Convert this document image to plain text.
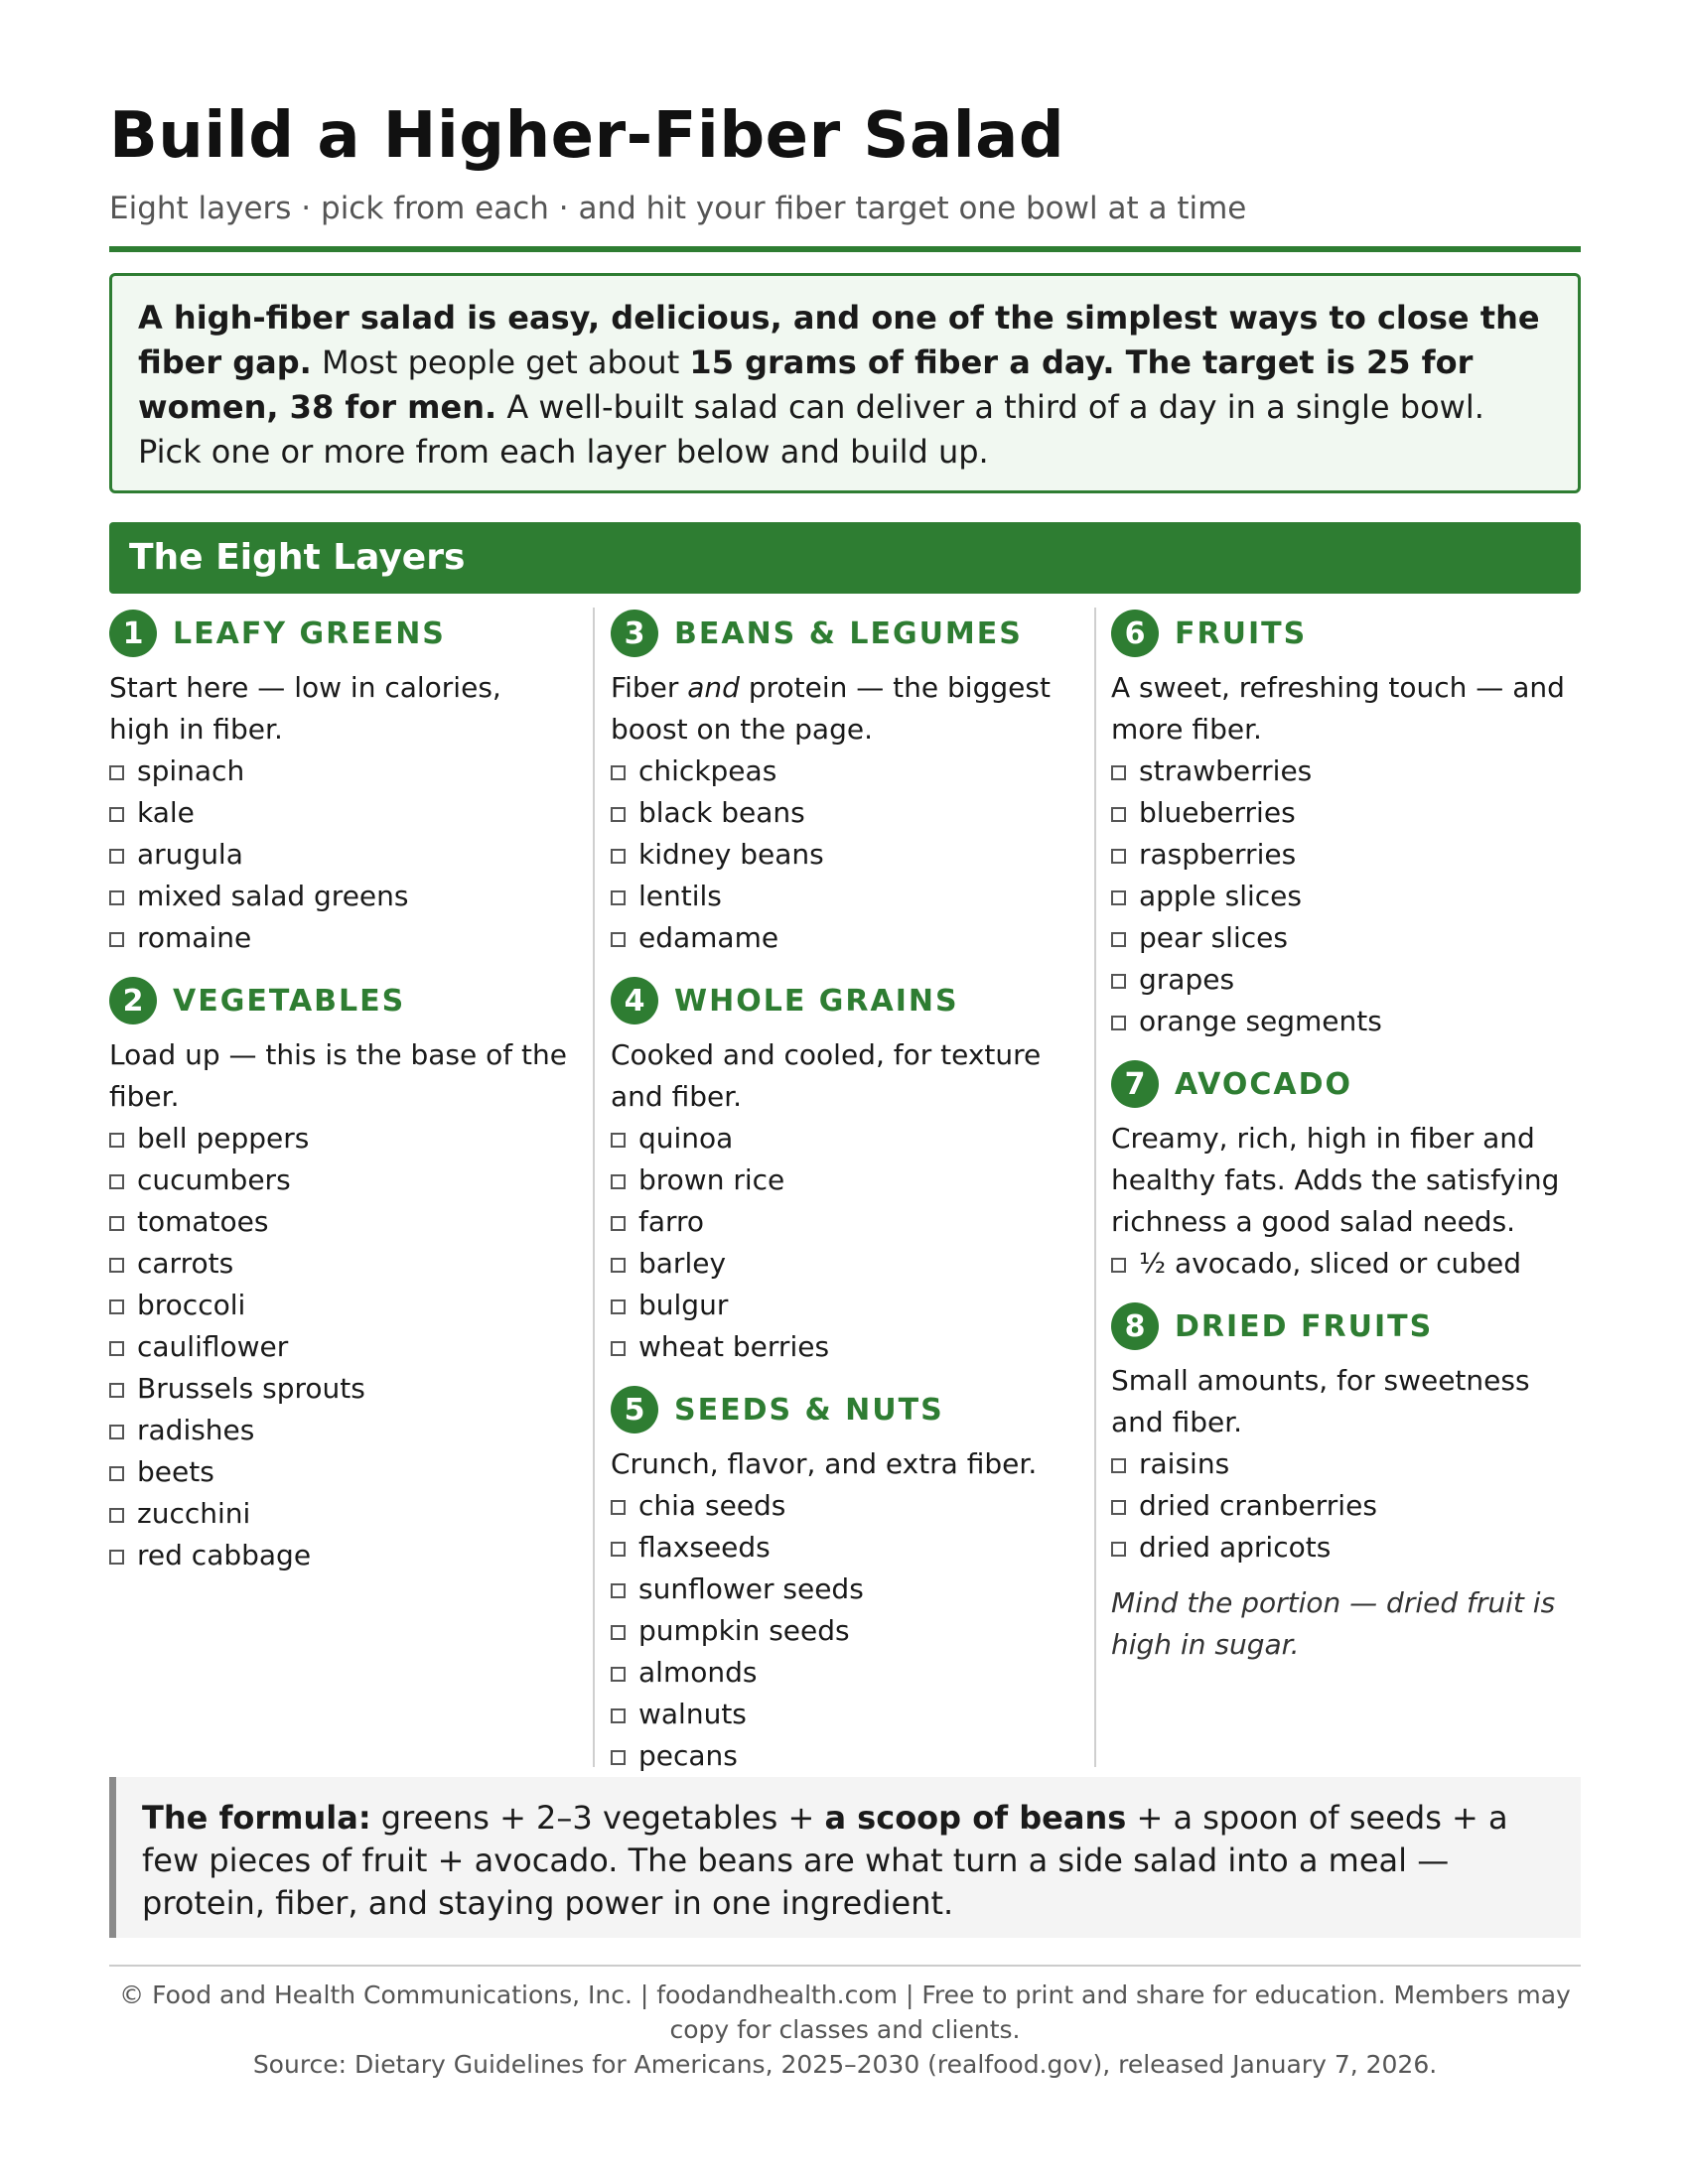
Build a Higher-Fiber Salad
Eight layers · pick from each · and hit your fiber target one bowl at a time
A high-fiber salad is easy, delicious, and one of the simplest ways to close the fiber gap. Most people get about 15 grams of fiber a day. The target is 25 for women, 38 for men. A well-built salad can deliver a third of a day in a single bowl. Pick one or more from each layer below and build up.
The Eight Layers
1 LEAFY GREENS
Start here — low in calories, high in fiber.
spinach
kale
arugula
mixed salad greens
romaine
2 VEGETABLES
Load up — this is the base of the fiber.
bell peppers
cucumbers
tomatoes
carrots
broccoli
cauliflower
Brussels sprouts
radishes
beets
zucchini
red cabbage
3 BEANS & LEGUMES
Fiber and protein — the biggest boost on the page.
chickpeas
black beans
kidney beans
lentils
edamame
4 WHOLE GRAINS
Cooked and cooled, for texture and fiber.
quinoa
brown rice
farro
barley
bulgur
wheat berries
5 SEEDS & NUTS
Crunch, flavor, and extra fiber.
chia seeds
flaxseeds
sunflower seeds
pumpkin seeds
almonds
walnuts
pecans
6 FRUITS
A sweet, refreshing touch — and more fiber.
strawberries
blueberries
raspberries
apple slices
pear slices
grapes
orange segments
7 AVOCADO
Creamy, rich, high in fiber and healthy fats. Adds the satisfying richness a good salad needs.
½ avocado, sliced or cubed
8 DRIED FRUITS
Small amounts, for sweetness and fiber.
raisins
dried cranberries
dried apricots
Mind the portion — dried fruit is high in sugar.
The formula: greens + 2–3 vegetables + a scoop of beans + a spoon of seeds + a few pieces of fruit + avocado. The beans are what turn a side salad into a meal — protein, fiber, and staying power in one ingredient.
© Food and Health Communications, Inc. | foodandhealth.com | Free to print and share for education. Members may copy for classes and clients.
Source: Dietary Guidelines for Americans, 2025–2030 (realfood.gov), released January 7, 2026.
